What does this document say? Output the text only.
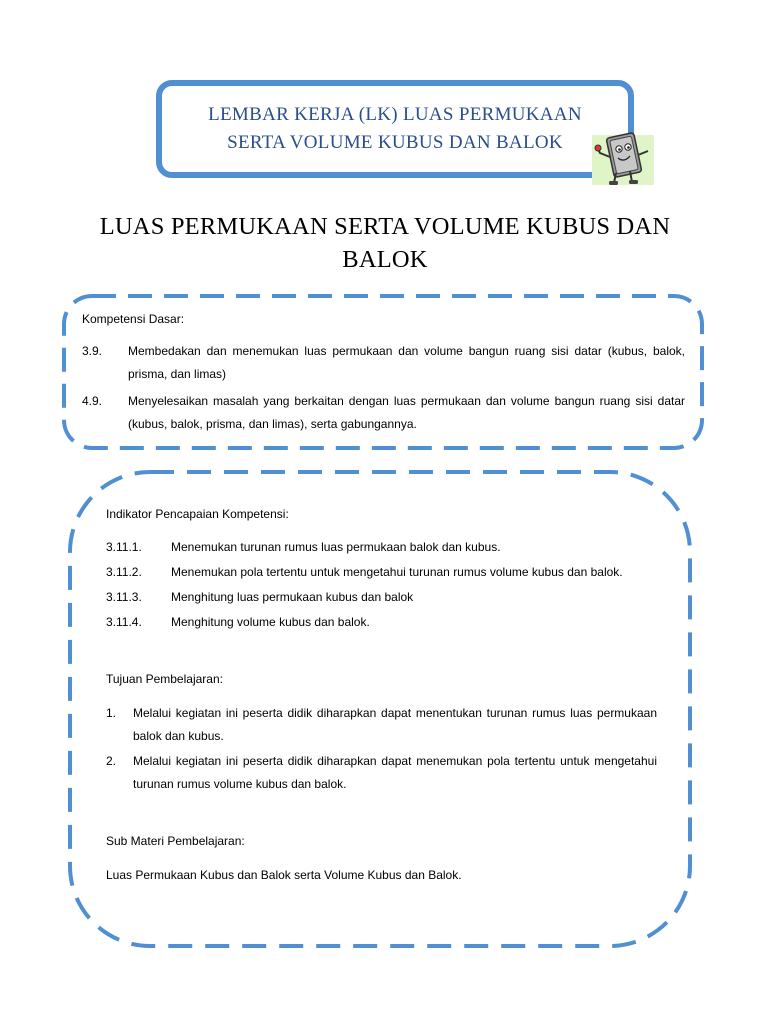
LEMBAR KERJA (LK) LUAS PERMUKAAN
SERTA VOLUME KUBUS DAN BALOK
LUAS PERMUKAAN SERTA VOLUME KUBUS DAN
BALOK
Kompetensi Dasar:
3.9.	Membedakan dan menemukan luas permukaan dan volume bangun ruang sisi datar (kubus, balok, prisma, dan limas)
4.9.	Menyelesaikan masalah yang berkaitan dengan luas permukaan dan volume bangun ruang sisi datar (kubus, balok, prisma, dan limas), serta gabungannya.
Indikator Pencapaian Kompetensi:
3.11.1.	Menemukan turunan rumus luas permukaan balok dan kubus.
3.11.2.	Menemukan pola tertentu untuk mengetahui turunan rumus volume kubus dan balok.
3.11.3.	Menghitung luas permukaan kubus dan balok
3.11.4.	Menghitung volume kubus dan balok.
Tujuan Pembelajaran:
1.	Melalui kegiatan ini peserta didik diharapkan dapat menentukan turunan rumus luas permukaan balok dan kubus.
2.	Melalui kegiatan ini peserta didik diharapkan dapat menemukan pola tertentu untuk mengetahui turunan rumus volume kubus dan balok.
Sub Materi Pembelajaran:
Luas Permukaan Kubus dan Balok serta Volume Kubus dan Balok.
